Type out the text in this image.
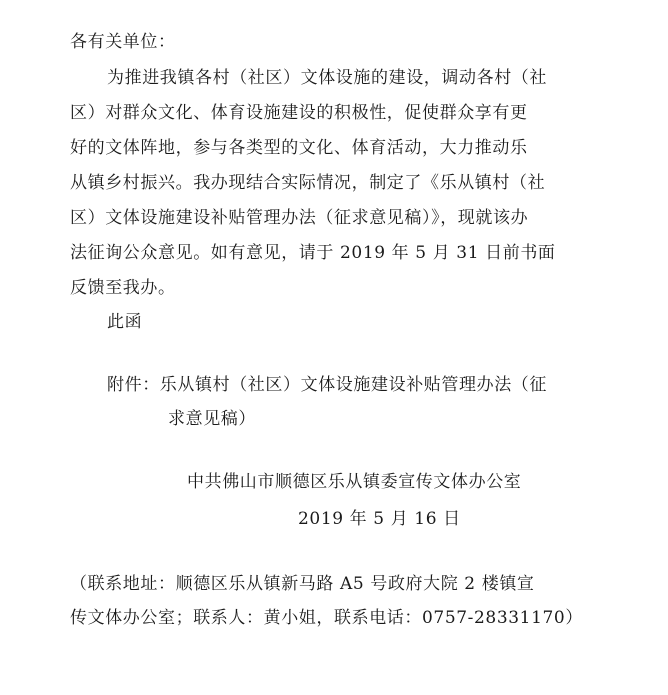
各有关单位：
为推进我镇各村（社区）文体设施的建设，调动各村（社
区）对群众文化、体育设施建设的积极性，促使群众享有更
好的文体阵地，参与各类型的文化、体育活动，大力推动乐
从镇乡村振兴。我办现结合实际情况，制定了《乐从镇村（社
区）文体设施建设补贴管理办法（征求意见稿）》，现就该办
法征询公众意见。如有意见，请于 2019 年 5 月 31 日前书面
反馈至我办。
此函
附件：乐从镇村（社区）文体设施建设补贴管理办法（征
求意见稿）
中共佛山市顺德区乐从镇委宣传文体办公室
2019 年 5 月 16 日
（联系地址：顺德区乐从镇新马路 A5 号政府大院 2 楼镇宣
传文体办公室；联系人：黄小姐，联系电话：0757-28331170）
